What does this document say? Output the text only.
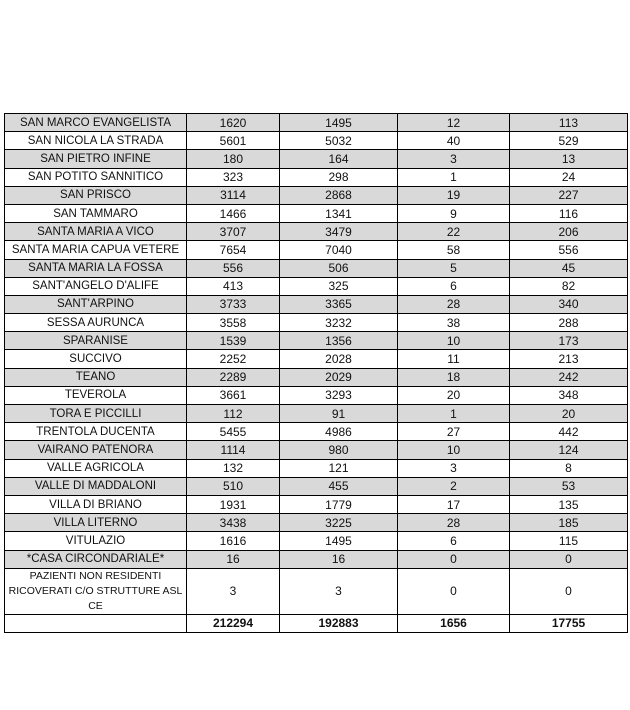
SAN MARCO EVANGELISTA	1620	1495	12	113
SAN NICOLA LA STRADA	5601	5032	40	529
SAN PIETRO INFINE	180	164	3	13
SAN POTITO SANNITICO	323	298	1	24
SAN PRISCO	3114	2868	19	227
SAN TAMMARO	1466	1341	9	116
SANTA MARIA A VICO	3707	3479	22	206
SANTA MARIA CAPUA VETERE	7654	7040	58	556
SANTA MARIA LA FOSSA	556	506	5	45
SANT'ANGELO D'ALIFE	413	325	6	82
SANT'ARPINO	3733	3365	28	340
SESSA AURUNCA	3558	3232	38	288
SPARANISE	1539	1356	10	173
SUCCIVO	2252	2028	11	213
TEANO	2289	2029	18	242
TEVEROLA	3661	3293	20	348
TORA E PICCILLI	112	91	1	20
TRENTOLA DUCENTA	5455	4986	27	442
VAIRANO PATENORA	1114	980	10	124
VALLE AGRICOLA	132	121	3	8
VALLE DI MADDALONI	510	455	2	53
VILLA DI BRIANO	1931	1779	17	135
VILLA LITERNO	3438	3225	28	185
VITULAZIO	1616	1495	6	115
*CASA CIRCONDARIALE*	16	16	0	0
PAZIENTI NON RESIDENTI RICOVERATI C/O STRUTTURE ASL CE	3	3	0	0
	212294	192883	1656	17755
